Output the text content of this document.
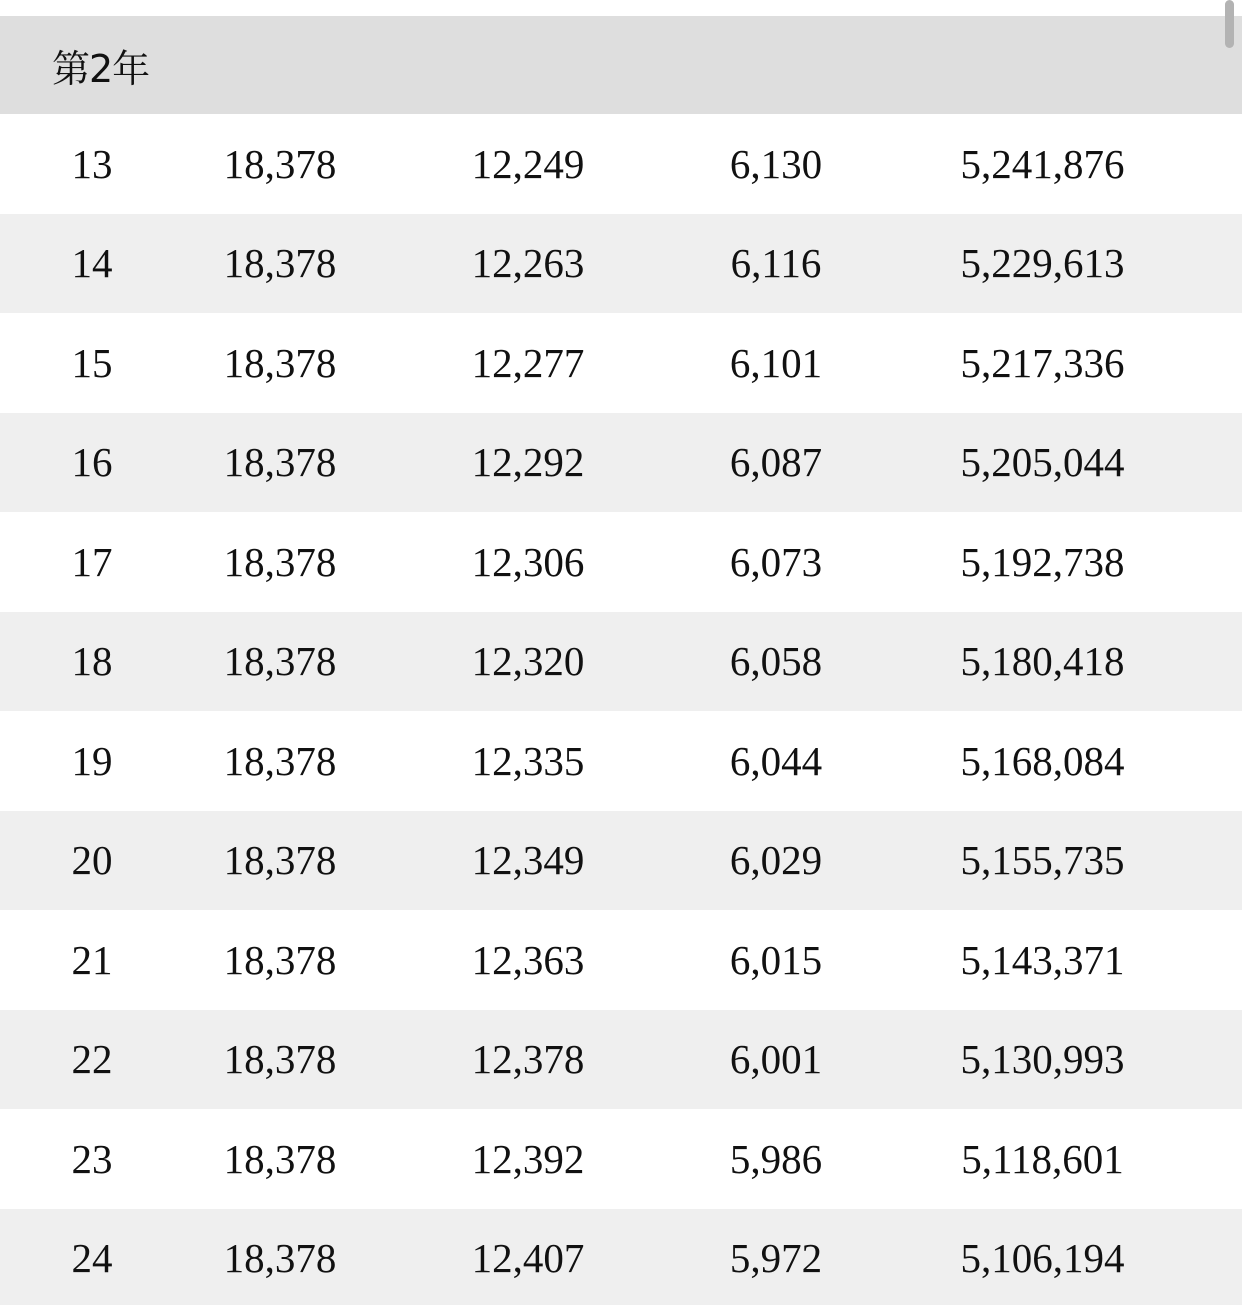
第2年
13	18,378	12,249	6,130	5,241,876
14	18,378	12,263	6,116	5,229,613
15	18,378	12,277	6,101	5,217,336
16	18,378	12,292	6,087	5,205,044
17	18,378	12,306	6,073	5,192,738
18	18,378	12,320	6,058	5,180,418
19	18,378	12,335	6,044	5,168,084
20	18,378	12,349	6,029	5,155,735
21	18,378	12,363	6,015	5,143,371
22	18,378	12,378	6,001	5,130,993
23	18,378	12,392	5,986	5,118,601
24	18,378	12,407	5,972	5,106,194
